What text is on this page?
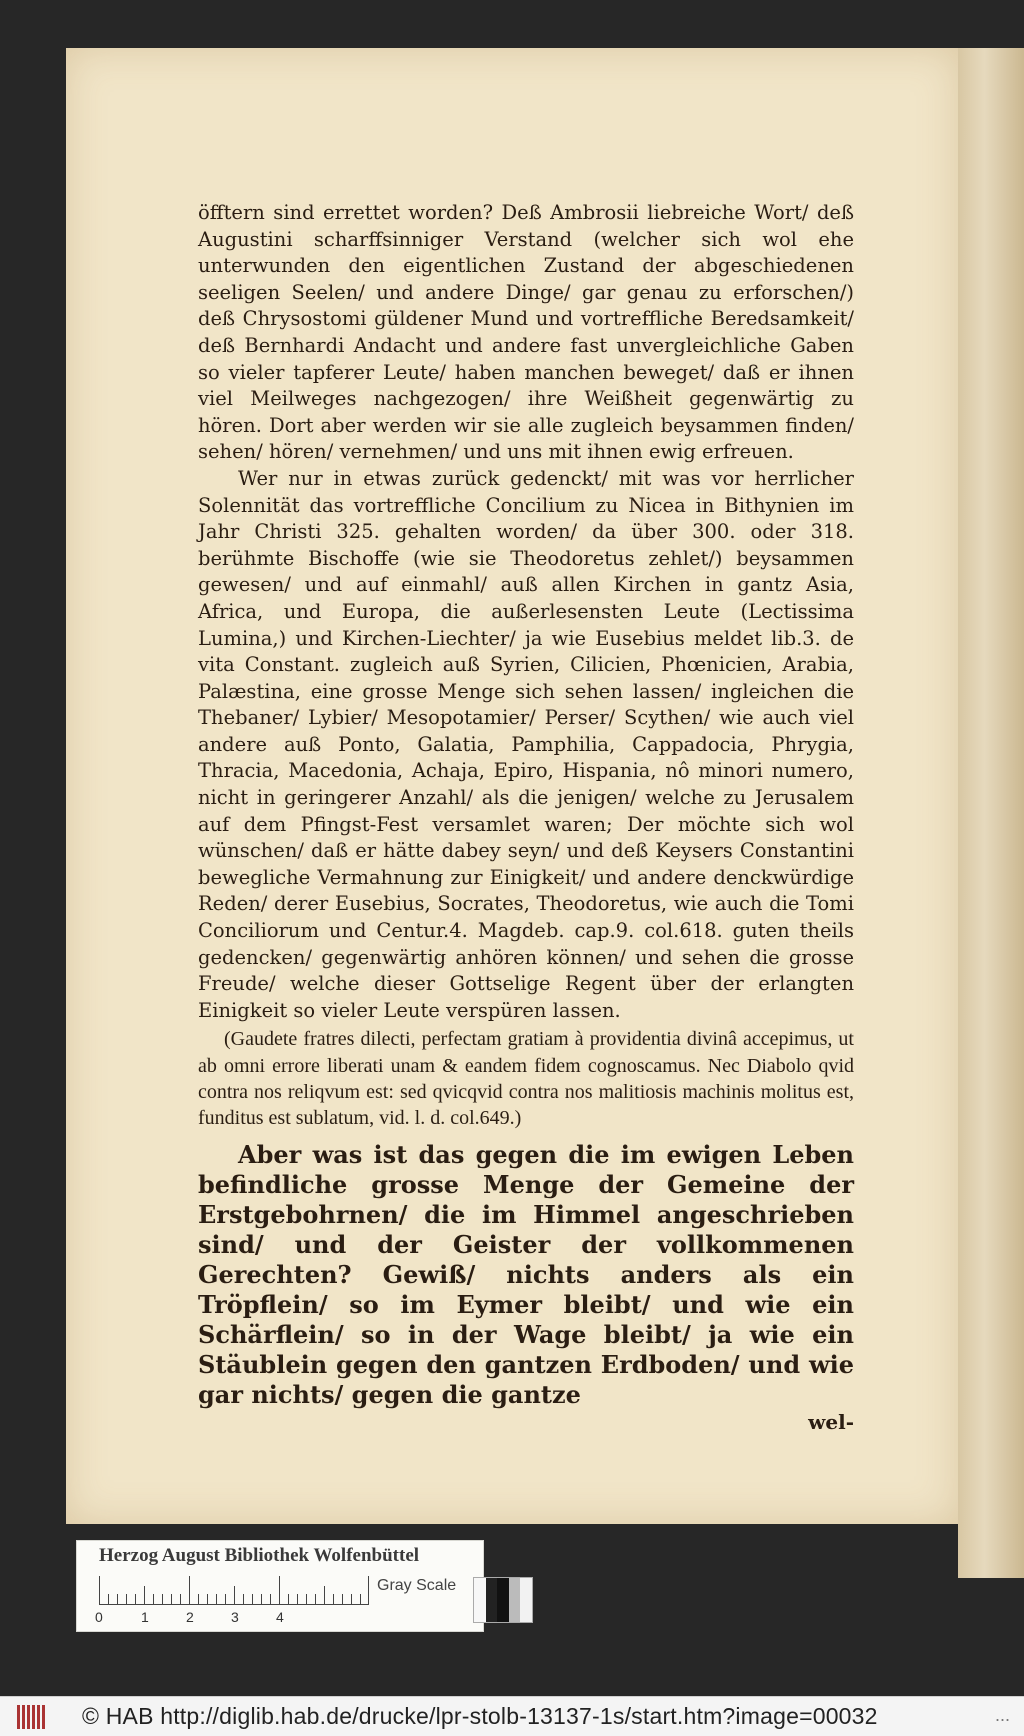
öfftern sind errettet worden? Deß Ambrosii liebreiche Wort/ deß Augustini scharffsinniger Verstand (welcher sich wol ehe unterwunden den eigentlichen Zustand der abgeschiedenen seeligen Seelen/ und andere Dinge/ gar genau zu erforschen/) deß Chrysostomi güldener Mund und vortreffliche Beredsamkeit/ deß Bernhardi Andacht und andere fast unvergleichliche Gaben so vieler tapferer Leute/ haben manchen beweget/ daß er ihnen viel Meilweges nachgezogen/ ihre Weißheit gegenwärtig zu hören. Dort aber werden wir sie alle zugleich beysammen finden/ sehen/ hören/ vernehmen/ und uns mit ihnen ewig erfreuen.

Wer nur in etwas zurück gedenckt/ mit was vor herrlicher Solennität das vortreffliche Concilium zu Nicea in Bithynien im Jahr Christi 325. gehalten worden/ da über 300. oder 318. berühmte Bischoffe (wie sie Theodoretus zehlet/) beysammen gewesen/ und auf einmahl/ auß allen Kirchen in gantz Asia, Africa, und Europa, die außerlesensten Leute (Lectissima Lumina,) und Kirchen-Liechter/ ja wie Eusebius meldet lib.3. de vita Constant. zugleich auß Syrien, Cilicien, Phœnicien, Arabia, Palæstina, eine grosse Menge sich sehen lassen/ ingleichen die Thebaner/ Lybier/ Mesopotamier/ Perser/ Scythen/ wie auch viel andere auß Ponto, Galatia, Pamphilia, Cappadocia, Phrygia, Thracia, Macedonia, Achaja, Epiro, Hispania, nô minori numero, nicht in geringerer Anzahl/ als die jenigen/ welche zu Jerusalem auf dem Pfingst-Fest versamlet waren; Der möchte sich wol wünschen/ daß er hätte dabey seyn/ und deß Keysers Constantini bewegliche Vermahnung zur Einigkeit/ und andere denckwürdige Reden/ derer Eusebius, Socrates, Theodoretus, wie auch die Tomi Conciliorum und Centur.4. Magdeb. cap.9. col.618. guten theils gedencken/ gegenwärtig anhören können/ und sehen die grosse Freude/ welche dieser Gottselige Regent über der erlangten Einigkeit so vieler Leute verspüren lassen.

(Gaudete fratres dilecti, perfectam gratiam à providentia divinâ accepimus, ut ab omni errore liberati unam & eandem fidem cognoscamus. Nec Diabolo qvid contra nos reliqvum est: sed qvicqvid contra nos malitiosis machinis molitus est, funditus est sublatum, vid. l. d. col.649.)

Aber was ist das gegen die im ewigen Leben befindliche grosse Menge der Gemeine der Erstgebohrnen/ die im Himmel angeschrieben sind/ und der Geister der vollkommenen Gerechten? Gewiß/ nichts anders als ein Tröpflein/ so im Eymer bleibt/ und wie ein Schärflein/ so in der Wage bleibt/ ja wie ein Stäublein gegen den gantzen Erdboden/ und wie gar nichts/ gegen die gantze

wel-
Herzog August Bibliothek Wolfenbüttel
0	1	2	3	4
Gray Scale
© HAB http://diglib.hab.de/drucke/lpr-stolb-13137-1s/start.htm?image=00032	...
